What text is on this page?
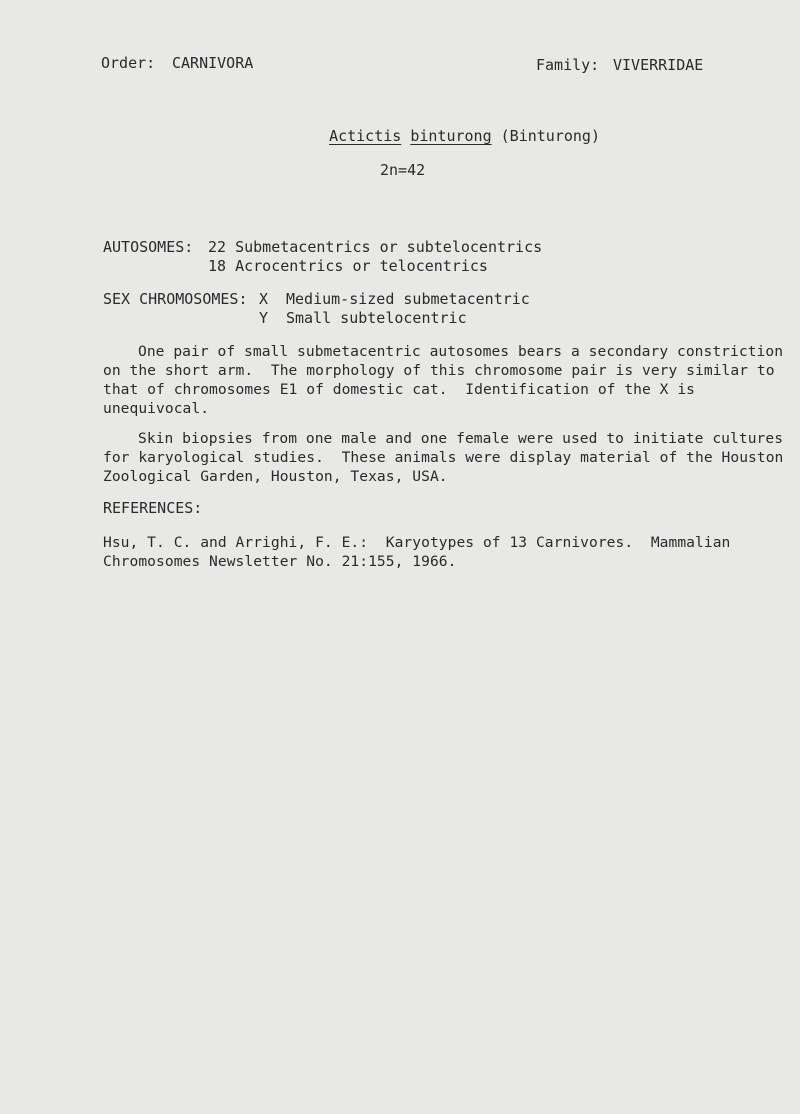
Order: CARNIVORA	Family: VIVERRIDAE

Actictis binturong (Binturong)

2n=42
AUTOSOMES: 22 Submetacentrics or subtelocentrics
18 Acrocentrics or telocentrics
SEX CHROMOSOMES: X Medium-sized submetacentric
Y Small subtelocentric
One pair of small submetacentric autosomes bears a secondary constriction
on the short arm.  The morphology of this chromosome pair is very similar to
that of chromosomes E1 of domestic cat.  Identification of the X is
unequivocal.
Skin biopsies from one male and one female were used to initiate cultures
for karyological studies.  These animals were display material of the Houston
Zoological Garden, Houston, Texas, USA.
REFERENCES:
Hsu, T. C. and Arrighi, F. E.:  Karyotypes of 13 Carnivores.  Mammalian
Chromosomes Newsletter No. 21:155, 1966.
